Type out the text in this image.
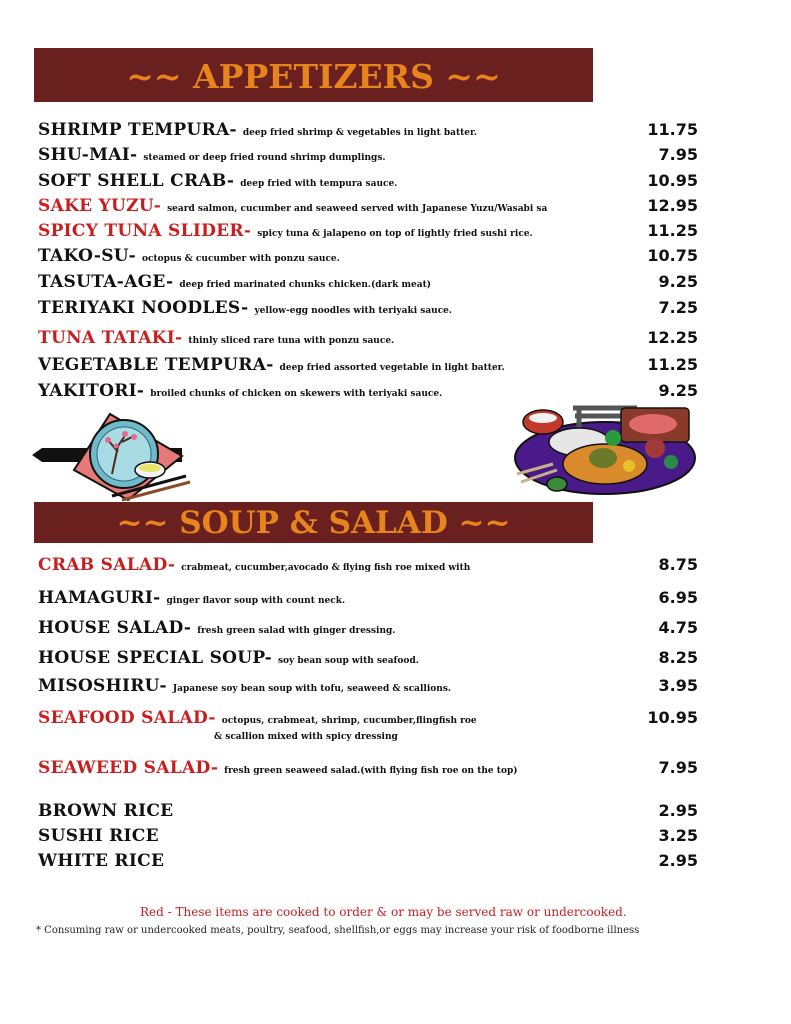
~~ APPETIZERS ~~
SHRIMP TEMPURA- deep fried shrimp & vegetables in light batter.	11.75
SHU-MAI- steamed or deep fried round shrimp dumplings.	7.95
SOFT SHELL CRAB- deep fried with tempura sauce.	10.95
SAKE YUZU- seard salmon, cucumber and seaweed served with Japanese Yuzu/Wasabi sa	12.95
SPICY TUNA SLIDER- spicy tuna & jalapeno on top of lightly fried sushi rice.	11.25
TAKO-SU- octopus & cucumber with ponzu sauce.	10.75
TASUTA-AGE- deep fried marinated chunks chicken.(dark meat)	9.25
TERIYAKI NOODLES- yellow-egg noodles with teriyaki sauce.	7.25
TUNA TATAKI- thinly sliced rare tuna with ponzu sauce.	12.25
VEGETABLE TEMPURA- deep fried assorted vegetable in light batter.	11.25
YAKITORI- broiled chunks of chicken on skewers with teriyaki sauce.	9.25
~~ SOUP & SALAD ~~
CRAB SALAD- crabmeat, cucumber,avocado & flying fish roe mixed with	8.75
HAMAGURI- ginger flavor soup with count neck.	6.95
HOUSE SALAD- fresh green salad with ginger dressing.	4.75
HOUSE SPECIAL SOUP- soy bean soup with seafood.	8.25
MISOSHIRU- Japanese soy bean soup with tofu, seaweed & scallions.	3.95
SEAFOOD SALAD- octopus, crabmeat, shrimp, cucumber,flingfish roe	10.95
& scallion mixed with spicy dressing
SEAWEED SALAD- fresh green seaweed salad.(with flying fish roe on the top)	7.95
BROWN RICE	2.95
SUSHI RICE	3.25
WHITE RICE	2.95
Red - These items are cooked to order & or may be served raw or undercooked.
* Consuming raw or undercooked meats, poultry, seafood, shellfish,or eggs may increase your risk of foodborne illness
